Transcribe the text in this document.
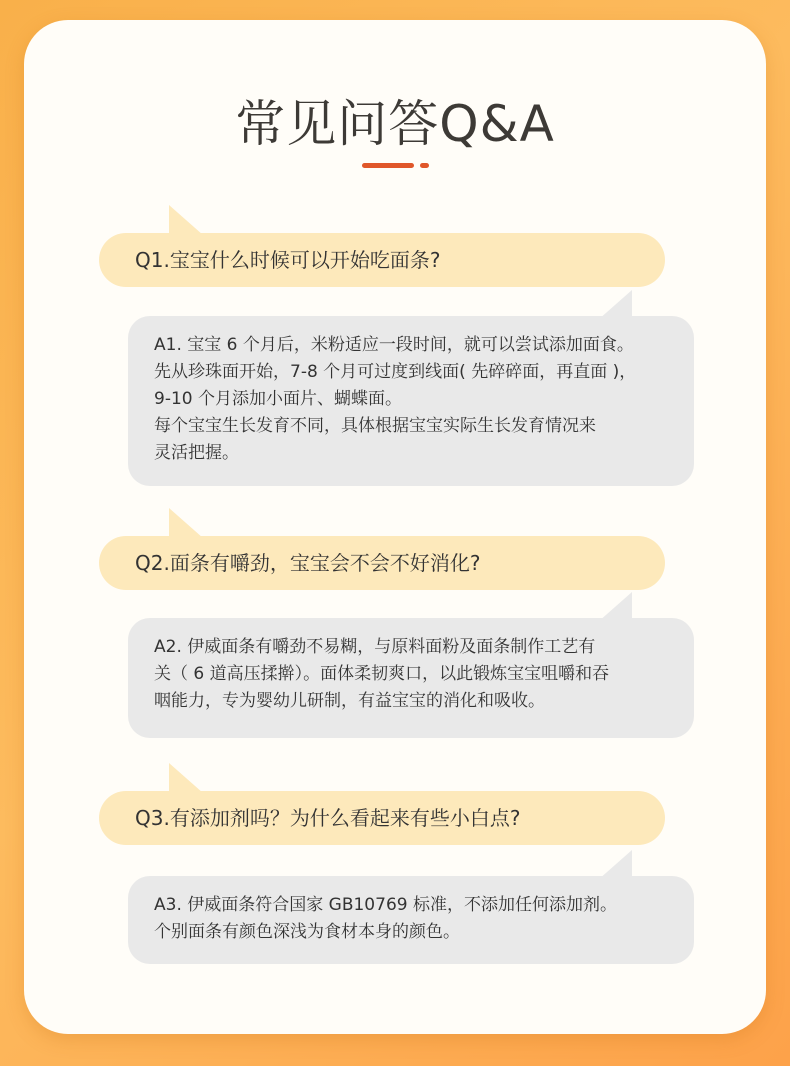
常见问答Q&A
Q1.宝宝什么时候可以开始吃面条?

A1. 宝宝 6 个月后，米粉适应一段时间，就可以尝试添加面食。

先从珍珠面开始，7-8 个月可过度到线面( 先碎碎面，再直面 )，

9-10 个月添加小面片、蝴蝶面。

每个宝宝生长发育不同，具体根据宝宝实际生长发育情况来

灵活把握。

Q2.面条有嚼劲，宝宝会不会不好消化?

A2. 伊威面条有嚼劲不易糊，与原料面粉及面条制作工艺有

关（ 6 道高压揉擀）。面体柔韧爽口，以此锻炼宝宝咀嚼和吞

咽能力，专为婴幼儿研制，有益宝宝的消化和吸收。

Q3.有添加剂吗？为什么看起来有些小白点?

A3. 伊威面条符合国家 GB10769 标准，不添加任何添加剂。

个别面条有颜色深浅为食材本身的颜色。
